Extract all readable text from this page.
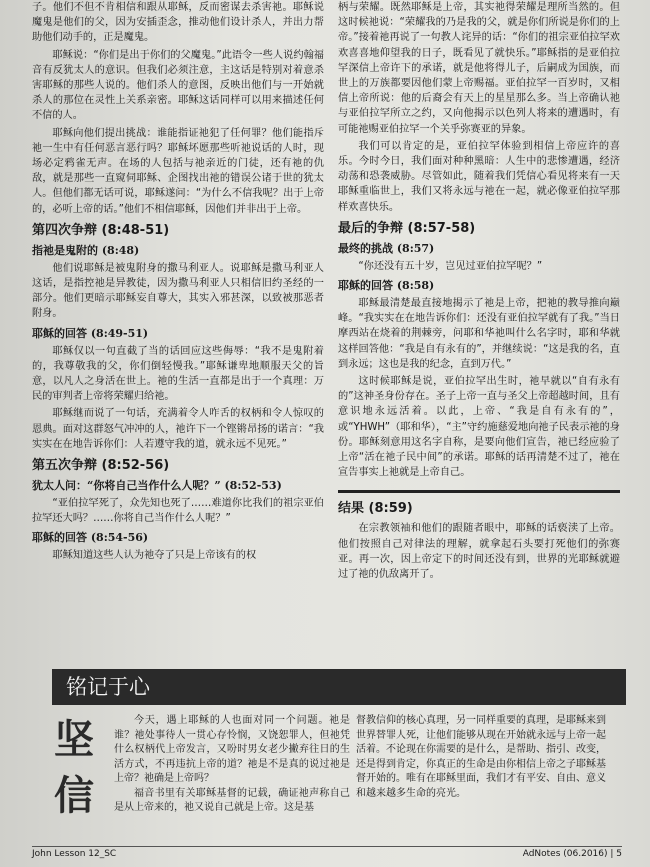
子。他们不但不肯相信和跟从耶稣，反而密谋去杀害祂。耶稣说魔鬼是他们的父，因为安插歪念，推动他们设计杀人，并出力帮助他们动手的，正是魔鬼。

耶稣说：“你们是出于你们的父魔鬼。”此语令一些人说约翰福音有反犹太人的意识。但我们必须注意，主这话是特别对着意杀害耶稣的那些人说的。他们杀人的意图，反映出他们与一开始就杀人的那位在灵性上关系亲密。耶稣这话同样可以用来描述任何不信的人。

耶稣向他们提出挑战：谁能指证祂犯了任何罪？他们能指斥祂一生中有任何恶言恶行吗？耶稣坏愿那些听祂说话的人时，现场必定鸦雀无声。在场的人包括与祂亲近的门徒，还有祂的仇敌，就是那些一直窥伺耶稣、企图找出祂的错误公诸于世的犹太人。但他们都无话可说，耶稣遂问：“为什么不信我呢？出于上帝的，必听上帝的话。”他们不相信耶稣，因他们并非出于上帝。

第四次争辩 (8:48-51)
指祂是鬼附的 (8:48)

他们说耶稣是被鬼附身的撒马利亚人。说耶稣是撒马利亚人这话，是指控祂是异教徒，因为撒马利亚人只相信旧约圣经的一部分。他们更暗示耶稣妄自尊大，其实入邪甚深，以致被那恶者附身。

耶稣的回答 (8:49-51)

耶稣仅以一句直截了当的话回应这些侮辱：“我不是鬼附着的，我尊敬我的父，你们倒轻慢我。”耶稣谦卑地顺服天父的旨意，以凡人之身活在世上。祂的生活一直都是出于一个真理：万民的审判者上帝将荣耀归给祂。

耶稣继而说了一句话，充满着令人咋舌的权柄和令人惊叹的恩典。面对这群怒气冲冲的人，祂许下一个铿锵昂扬的诺言：“我实实在在地告诉你们：人若遵守我的道，就永远不见死。”

第五次争辩 (8:52-56)
犹太人问：“你将自己当作什么人呢？” (8:52-53)

“亚伯拉罕死了，众先知也死了……难道你比我们的祖宗亚伯拉罕还大吗？……你将自己当作什么人呢？”

耶稣的回答 (8:54-56)

耶稣知道这些人认为祂夺了只是上帝该有的权

柄与荣耀。既然耶稣是上帝，其实祂得荣耀是理所当然的。但这时候祂说：“荣耀我的乃是我的父，就是你们所说是你们的上帝。”接着祂再说了一句教人诧异的话：“你们的祖宗亚伯拉罕欢欢喜喜地仰望我的日子，既看见了就快乐。”耶稣指的是亚伯拉罕深信上帝许下的承诺，就是他将得儿子，后嗣成为国族，而世上的万族都要因他们蒙上帝赐福。亚伯拉罕一百岁时，又相信上帝所说：他的后裔会有天上的星星那么多。当上帝确认祂与亚伯拉罕所立之约，又向他揭示以色列人将来的遭遇时，有可能祂赐亚伯拉罕一个关乎弥赛亚的异象。

我们可以肯定的是，亚伯拉罕体验到相信上帝应许的喜乐。今时今日，我们面对种种黑暗：人生中的悲惨遭遇，经济动荡和恐袭威胁。尽管如此，随着我们凭信心看见将来有一天耶稣重临世上，我们又将永远与祂在一起，就必像亚伯拉罕那样欢喜快乐。

最后的争辩 (8:57-58)
最终的挑战 (8:57)

“你还没有五十岁，岂见过亚伯拉罕呢？”

耶稣的回答 (8:58)

耶稣最清楚最直接地揭示了祂是上帝，把祂的教导推向巅峰。“我实实在在地告诉你们：还没有亚伯拉罕就有了我。”当日摩西站在烧着的荆棘旁，问耶和华祂叫什么名字时，耶和华就这样回答他：“我是自有永有的”，并继续说：“这是我的名，直到永远；这也是我的纪念，直到万代。”

这时候耶稣是说，亚伯拉罕出生时，祂早就以“自有永有的”这神圣身份存在。圣子上帝一直与圣父上帝超越时间，且有意识地永远活着。以此，上帝、“我是自有永有的”，或“YHWH”（耶和华），“主”守约施慈爱地向祂子民表示祂的身份。耶稣刻意用这名字自称，是要向他们宣告，祂已经应验了上帝“活在祂子民中间”的承诺。耶稣的话再清楚不过了，祂在宣告事实上祂就是上帝自己。

结果 (8:59)

在宗教领袖和他们的跟随者眼中，耶稣的话亵渎了上帝。他们按照自己对律法的理解，就拿起石头要打死他们的弥赛亚。再一次，因上帝定下的时间还没有到，世界的光耶稣就避过了祂的仇敌离开了。

铭记于心
坚
信

今天，遇上耶稣的人也面对同一个问题。祂是谁？祂处事待人一贯心存怜悯，又饶恕罪人，但祂凭什么权柄代上帝发言，又吩时男女老少撇弃往日的生活方式，不再违抗上帝的道？祂是不是真的说过祂是上帝？祂确是上帝吗？

福音书里有关耶稣基督的记载，确证祂声称自己是从上帝来的，祂又说自己就是上帝。这是基

督教信仰的核心真理，另一同样重要的真理，是耶稣来到世界替罪人死，让他们能够从现在开始就永远与上帝一起活着。不论现在你需要的是什么，是帮助、指引、改变，还是得到肯定，你真正的生命是由你相信上帝之子耶稣基督开始的。唯有在耶稣里面，我们才有平安、自由、意义和越来越多生命的亮光。

John Lesson 12_SC	AdNotes (06.2016) | 5
